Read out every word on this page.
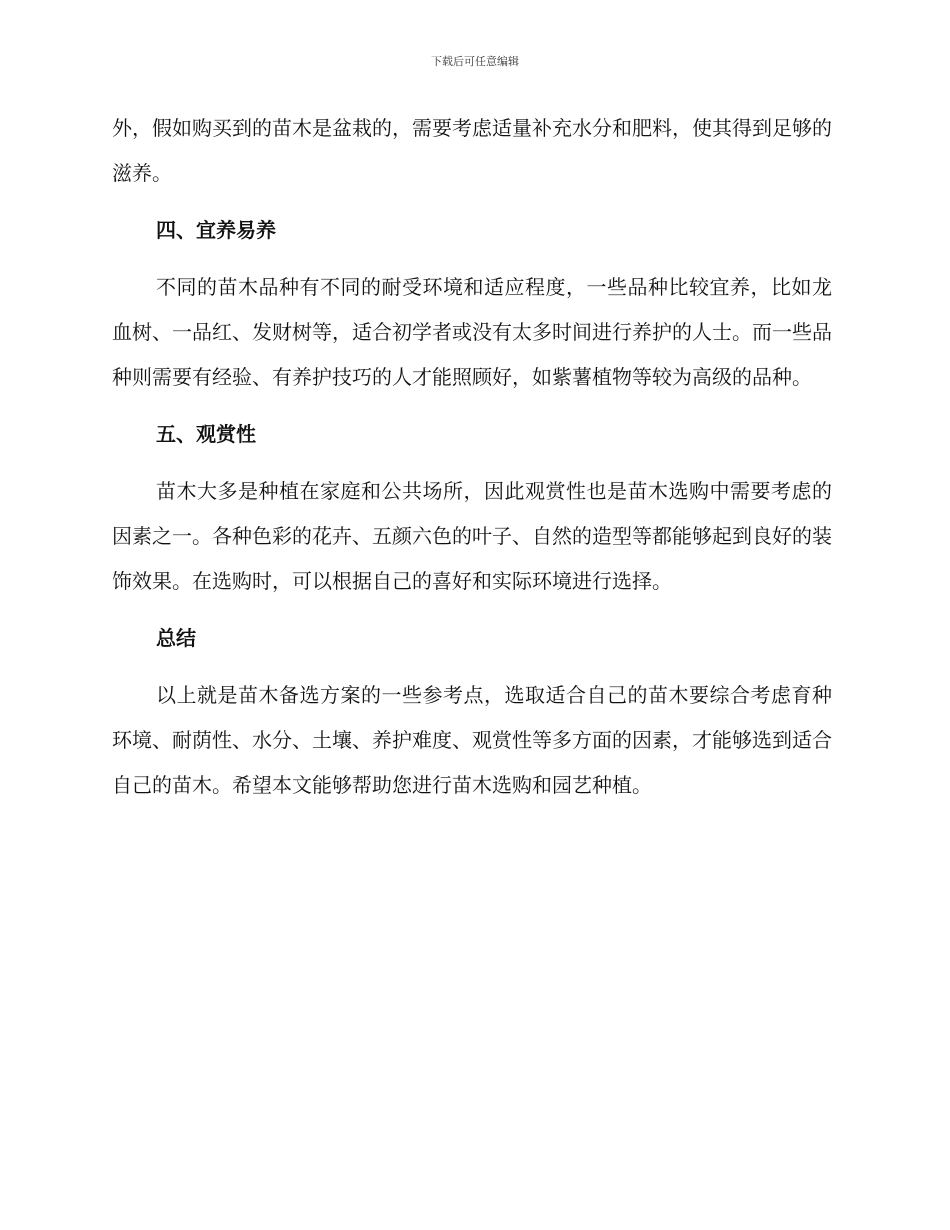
下载后可任意编辑

外，假如购买到的苗木是盆栽的，需要考虑适量补充水分和肥料，使其得到足够的滋养。

四、宜养易养

不同的苗木品种有不同的耐受环境和适应程度，一些品种比较宜养，比如龙血树、一品红、发财树等，适合初学者或没有太多时间进行养护的人士。而一些品种则需要有经验、有养护技巧的人才能照顾好，如紫薯植物等较为高级的品种。

五、观赏性

苗木大多是种植在家庭和公共场所，因此观赏性也是苗木选购中需要考虑的因素之一。各种色彩的花卉、五颜六色的叶子、自然的造型等都能够起到良好的装饰效果。在选购时，可以根据自己的喜好和实际环境进行选择。

总结

以上就是苗木备选方案的一些参考点，选取适合自己的苗木要综合考虑育种环境、耐荫性、水分、土壤、养护难度、观赏性等多方面的因素，才能够选到适合自己的苗木。希望本文能够帮助您进行苗木选购和园艺种植。
